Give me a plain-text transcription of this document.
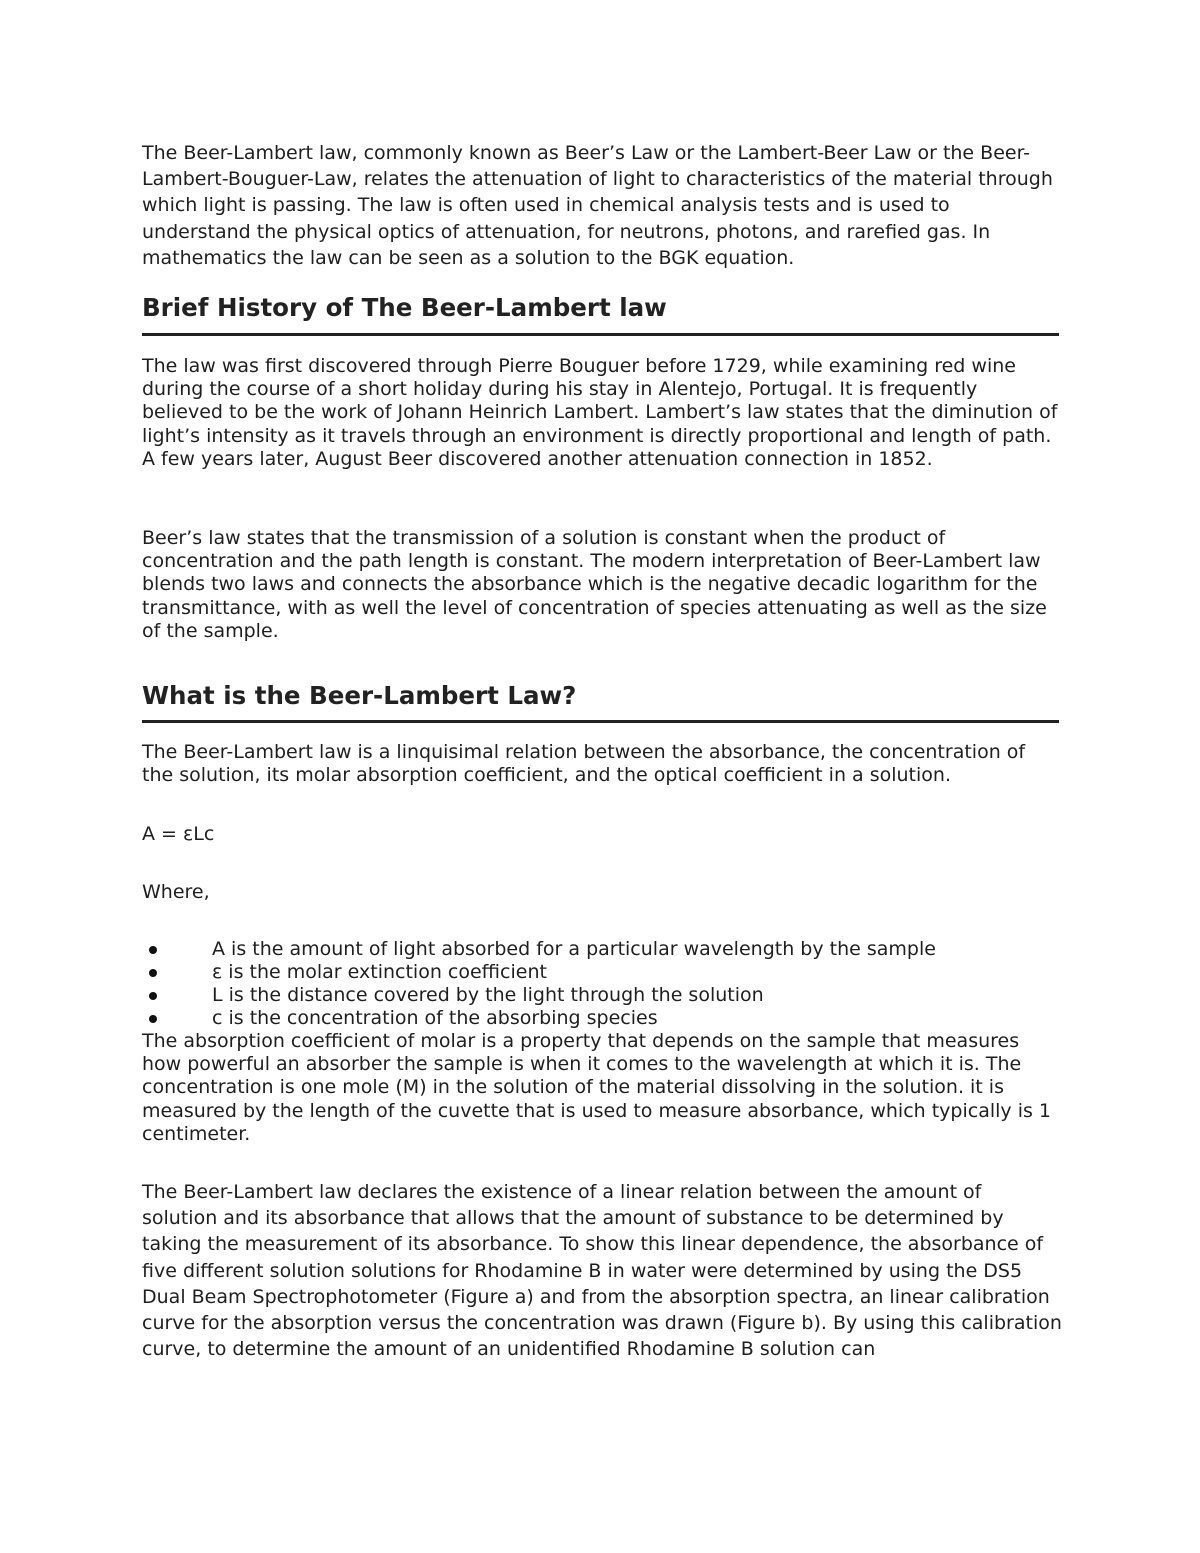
The Beer-Lambert law, commonly known as Beer’s Law or the Lambert-Beer Law or the Beer-Lambert-Bouguer-Law, relates the attenuation of light to characteristics of the material through which light is passing. The law is often used in chemical analysis tests and is used to understand the physical optics of attenuation, for neutrons, photons, and rarefied gas. In mathematics the law can be seen as a solution to the BGK equation.

Brief History of The Beer-Lambert law

The law was first discovered through Pierre Bouguer before 1729, while examining red wine during the course of a short holiday during his stay in Alentejo, Portugal. It is frequently believed to be the work of Johann Heinrich Lambert. Lambert’s law states that the diminution of light’s intensity as it travels through an environment is directly proportional and length of path. A few years later, August Beer discovered another attenuation connection in 1852.

Beer’s law states that the transmission of a solution is constant when the product of concentration and the path length is constant. The modern interpretation of Beer-Lambert law blends two laws and connects the absorbance which is the negative decadic logarithm for the transmittance, with as well the level of concentration of species attenuating as well as the size of the sample.

What is the Beer-Lambert Law?

The Beer-Lambert law is a linquisimal relation between the absorbance, the concentration of the solution, its molar absorption coefficient, and the optical coefficient in a solution.

A = εLc

Where,

A is the amount of light absorbed for a particular wavelength by the sample
ε is the molar extinction coefficient
L is the distance covered by the light through the solution
c is the concentration of the absorbing species

The absorption coefficient of molar is a property that depends on the sample that measures how powerful an absorber the sample is when it comes to the wavelength at which it is. The concentration is one mole (M) in the solution of the material dissolving in the solution. it is measured by the length of the cuvette that is used to measure absorbance, which typically is 1 centimeter.

The Beer-Lambert law declares the existence of a linear relation between the amount of solution and its absorbance that allows that the amount of substance to be determined by taking the measurement of its absorbance. To show this linear dependence, the absorbance of five different solution solutions for Rhodamine B in water were determined by using the DS5 Dual Beam Spectrophotometer (Figure a) and from the absorption spectra, an linear calibration curve for the absorption versus the concentration was drawn (Figure b). By using this calibration curve, to determine the amount of an unidentified Rhodamine B solution can
